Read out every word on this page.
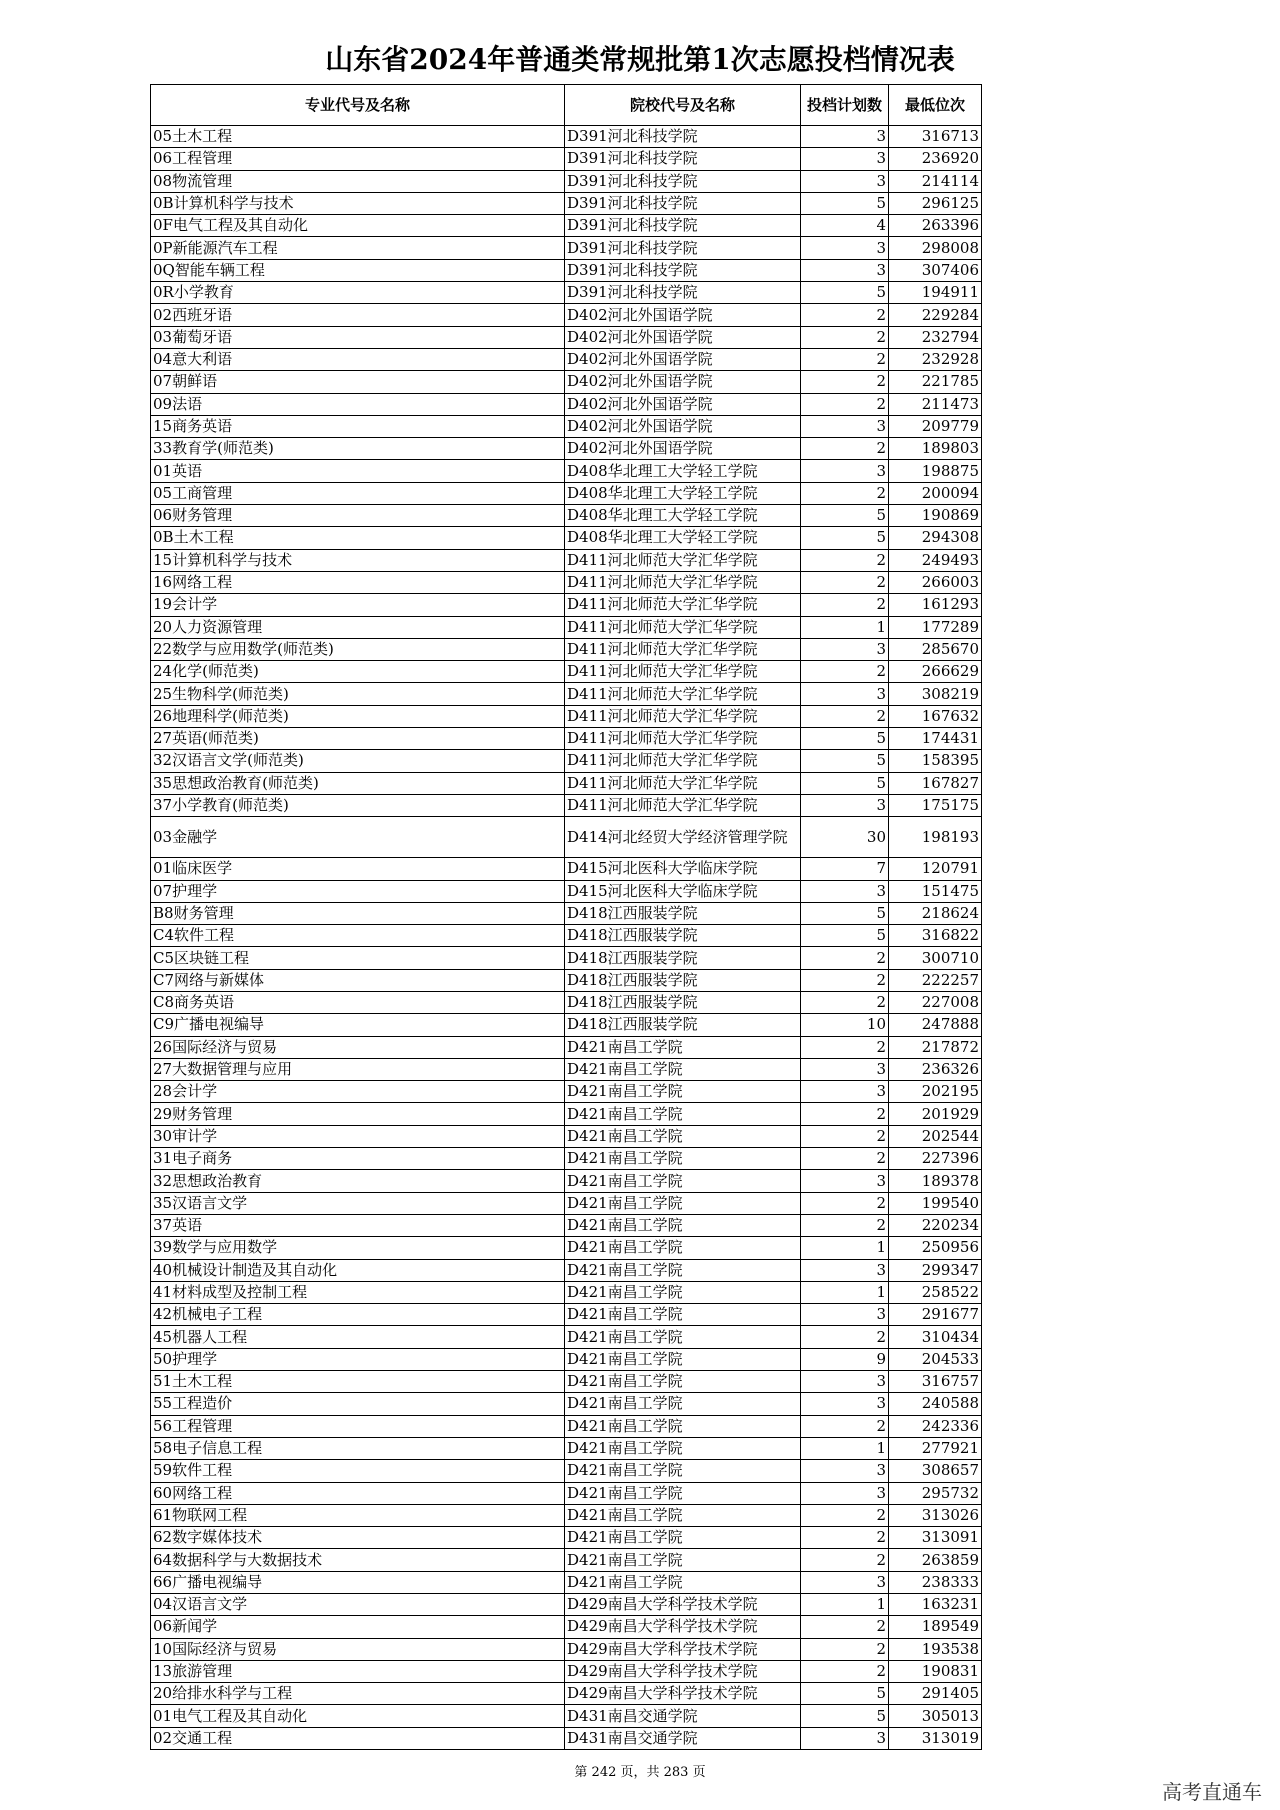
山东省2024年普通类常规批第1次志愿投档情况表
专业代号及名称	院校代号及名称	投档计划数	最低位次
05土木工程	D391河北科技学院	3	316713
06工程管理	D391河北科技学院	3	236920
08物流管理	D391河北科技学院	3	214114
0B计算机科学与技术	D391河北科技学院	5	296125
0F电气工程及其自动化	D391河北科技学院	4	263396
0P新能源汽车工程	D391河北科技学院	3	298008
0Q智能车辆工程	D391河北科技学院	3	307406
0R小学教育	D391河北科技学院	5	194911
02西班牙语	D402河北外国语学院	2	229284
03葡萄牙语	D402河北外国语学院	2	232794
04意大利语	D402河北外国语学院	2	232928
07朝鲜语	D402河北外国语学院	2	221785
09法语	D402河北外国语学院	2	211473
15商务英语	D402河北外国语学院	3	209779
33教育学(师范类)	D402河北外国语学院	2	189803
01英语	D408华北理工大学轻工学院	3	198875
05工商管理	D408华北理工大学轻工学院	2	200094
06财务管理	D408华北理工大学轻工学院	5	190869
0B土木工程	D408华北理工大学轻工学院	5	294308
15计算机科学与技术	D411河北师范大学汇华学院	2	249493
16网络工程	D411河北师范大学汇华学院	2	266003
19会计学	D411河北师范大学汇华学院	2	161293
20人力资源管理	D411河北师范大学汇华学院	1	177289
22数学与应用数学(师范类)	D411河北师范大学汇华学院	3	285670
24化学(师范类)	D411河北师范大学汇华学院	2	266629
25生物科学(师范类)	D411河北师范大学汇华学院	3	308219
26地理科学(师范类)	D411河北师范大学汇华学院	2	167632
27英语(师范类)	D411河北师范大学汇华学院	5	174431
32汉语言文学(师范类)	D411河北师范大学汇华学院	5	158395
35思想政治教育(师范类)	D411河北师范大学汇华学院	5	167827
37小学教育(师范类)	D411河北师范大学汇华学院	3	175175
03金融学	D414河北经贸大学经济管理学院	30	198193
01临床医学	D415河北医科大学临床学院	7	120791
07护理学	D415河北医科大学临床学院	3	151475
B8财务管理	D418江西服装学院	5	218624
C4软件工程	D418江西服装学院	5	316822
C5区块链工程	D418江西服装学院	2	300710
C7网络与新媒体	D418江西服装学院	2	222257
C8商务英语	D418江西服装学院	2	227008
C9广播电视编导	D418江西服装学院	10	247888
26国际经济与贸易	D421南昌工学院	2	217872
27大数据管理与应用	D421南昌工学院	3	236326
28会计学	D421南昌工学院	3	202195
29财务管理	D421南昌工学院	2	201929
30审计学	D421南昌工学院	2	202544
31电子商务	D421南昌工学院	2	227396
32思想政治教育	D421南昌工学院	3	189378
35汉语言文学	D421南昌工学院	2	199540
37英语	D421南昌工学院	2	220234
39数学与应用数学	D421南昌工学院	1	250956
40机械设计制造及其自动化	D421南昌工学院	3	299347
41材料成型及控制工程	D421南昌工学院	1	258522
42机械电子工程	D421南昌工学院	3	291677
45机器人工程	D421南昌工学院	2	310434
50护理学	D421南昌工学院	9	204533
51土木工程	D421南昌工学院	3	316757
55工程造价	D421南昌工学院	3	240588
56工程管理	D421南昌工学院	2	242336
58电子信息工程	D421南昌工学院	1	277921
59软件工程	D421南昌工学院	3	308657
60网络工程	D421南昌工学院	3	295732
61物联网工程	D421南昌工学院	2	313026
62数字媒体技术	D421南昌工学院	2	313091
64数据科学与大数据技术	D421南昌工学院	2	263859
66广播电视编导	D421南昌工学院	3	238333
04汉语言文学	D429南昌大学科学技术学院	1	163231
06新闻学	D429南昌大学科学技术学院	2	189549
10国际经济与贸易	D429南昌大学科学技术学院	2	193538
13旅游管理	D429南昌大学科学技术学院	2	190831
20给排水科学与工程	D429南昌大学科学技术学院	5	291405
01电气工程及其自动化	D431南昌交通学院	5	305013
02交通工程	D431南昌交通学院	3	313019
第 242 页，共 283 页
高考直通车
